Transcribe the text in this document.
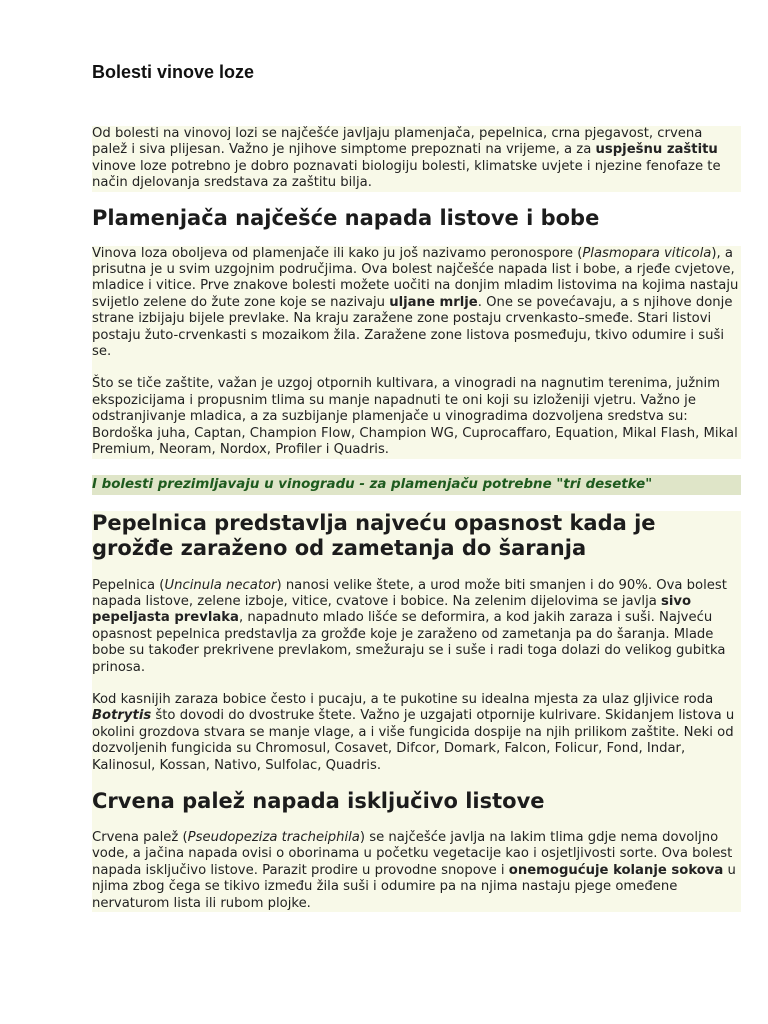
Bolesti vinove loze

Od bolesti na vinovoj lozi se najčešće javljaju plamenjača, pepelnica, crna pjegavost, crvena palež i siva plijesan. Važno je njihove simptome prepoznati na vrijeme, a za uspješnu zaštitu vinove loze potrebno je dobro poznavati biologiju bolesti, klimatske uvjete i njezine fenofaze te način djelovanja sredstava za zaštitu bilja.

Plamenjača najčešće napada listove i bobe

Vinova loza oboljeva od plamenjače ili kako ju još nazivamo peronospore (Plasmopara viticola), a prisutna je u svim uzgojnim područjima. Ova bolest najčešće napada list i bobe, a rjeđe cvjetove, mladice i vitice. Prve znakove bolesti možete uočiti na donjim mladim listovima na kojima nastaju svijetlo zelene do žute zone koje se nazivaju uljane mrlje. One se povećavaju, a s njihove donje strane izbijaju bijele prevlake. Na kraju zaražene zone postaju crvenkasto–smeđe. Stari listovi postaju žuto-crvenkasti s mozaikom žila. Zaražene zone listova posmeđuju, tkivo odumire i suši se.

Što se tiče zaštite, važan je uzgoj otpornih kultivara, a vinogradi na nagnutim terenima, južnim ekspozicijama i propusnim tlima su manje napadnuti te oni koji su izloženiji vjetru. Važno je odstranjivanje mladica, a za suzbijanje plamenjače u vinogradima dozvoljena sredstva su: Bordoška juha, Captan, Champion Flow, Champion WG, Cuprocaffaro, Equation, Mikal Flash, Mikal Premium, Neoram, Nordox, Profiler i Quadris.

I bolesti prezimljavaju u vinogradu - za plamenjaču potrebne "tri desetke"
Pepelnica predstavlja najveću opasnost kada je grožđe zaraženo od zametanja do šaranja

Pepelnica (Uncinula necator) nanosi velike štete, a urod može biti smanjen i do 90%. Ova bolest napada listove, zelene izboje, vitice, cvatove i bobice. Na zelenim dijelovima se javlja sivo pepeljasta prevlaka, napadnuto mlado lišće se deformira, a kod jakih zaraza i suši. Najveću opasnost pepelnica predstavlja za grožđe koje je zaraženo od zametanja pa do šaranja. Mlade bobe su također prekrivene prevlakom, smežuraju se i suše i radi toga dolazi do velikog gubitka prinosa.

Kod kasnijih zaraza bobice često i pucaju, a te pukotine su idealna mjesta za ulaz gljivice roda Botrytis što dovodi do dvostruke štete. Važno je uzgajati otpornije kulrivare. Skidanjem listova u okolini grozdova stvara se manje vlage, a i više fungicida dospije na njih prilikom zaštite. Neki od dozvoljenih fungicida su Chromosul, Cosavet, Difcor, Domark, Falcon, Folicur, Fond, Indar, Kalinosul, Kossan, Nativo, Sulfolac, Quadris.

Crvena palež napada isključivo listove

Crvena palež (Pseudopeziza tracheiphila) se najčešće javlja na lakim tlima gdje nema dovoljno vode, a jačina napada ovisi o oborinama u početku vegetacije kao i osjetljivosti sorte. Ova bolest napada isključivo listove. Parazit prodire u provodne snopove i onemogućuje kolanje sokova u njima zbog čega se tikivo između žila suši i odumire pa na njima nastaju pjege omeđene nervaturom lista ili rubom plojke.
